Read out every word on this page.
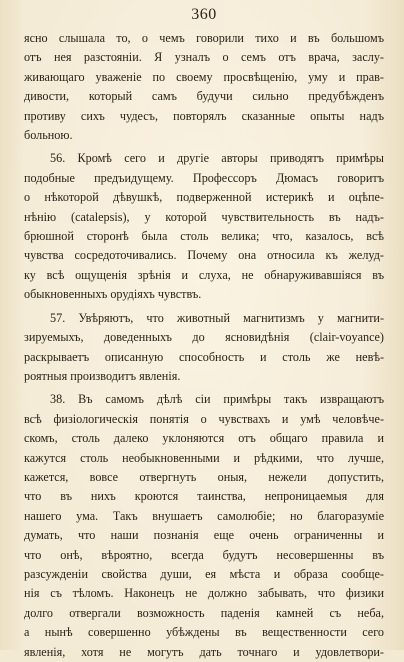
360
ясно слышала то, о чемъ говорили тихо и въ большомъ
отъ нея разстоянiи. Я узналъ о семъ отъ врача, заслу-
живающаго уваженiе по своему просвѣщенiю, уму и прав-
дивости, который самъ будучи сильно предубѣжденъ
противу сихъ чудесъ, повторялъ сказанные опыты надъ
больною.
56. Кромѣ сего и другiе авторы приводятъ примѣры
подобные предъидущему. Профессоръ Дюмасъ говоритъ
о нѣкоторой дѣвушкѣ, подверженной истерикѣ и оцѣпе-
нѣнiю (catalepsis), у которой чувствительность въ надъ-
брюшной сторонѣ была столь велика; что, казалось, всѣ
чувства сосредоточивались. Почему она относила къ желуд-
ку всѣ ощущенiя зрѣнiя и слуха, не обнаруживавшiяся въ
обыкновенныхъ орудiяхъ чувствъ.
57. Увѣряютъ, что животный магнитизмъ у магнити-
зируемыхъ, доведенныхъ до ясновидѣнiя (clair-voyance)
раскрываетъ описанную способность и столь же невѣ-
роятныя производитъ явленiя.
38. Въ самомъ дѣлѣ сiи примѣры такъ извращаютъ
всѣ физiологическiя понятiя о чувствахъ и умѣ человѣче-
скомъ, столь далеко уклоняются отъ общаго правила и
кажутся столь необыкновенными и рѣдкими, что лучше,
кажется, вовсе отвергнуть оныя, нежели допустить,
что въ нихъ кроются таинства, непроницаемыя для
нашего ума. Такъ внушаетъ самолюбiе; но благоразумiе
думать, что наши познанiя еще очень ограниченны и
что онѣ, вѣроятно, всегда будутъ несовершенны въ
разсужденiи свойства души, ея мѣста и образа сообще-
нiя съ тѣломъ. Наконецъ не должно забывать, что физики
долго отвергали возможность паденiя камней съ неба,
а нынѣ совершенно убѣждены въ вещественности сего
явленiя, хотя не могутъ дать точнаго и удовлетвори-
